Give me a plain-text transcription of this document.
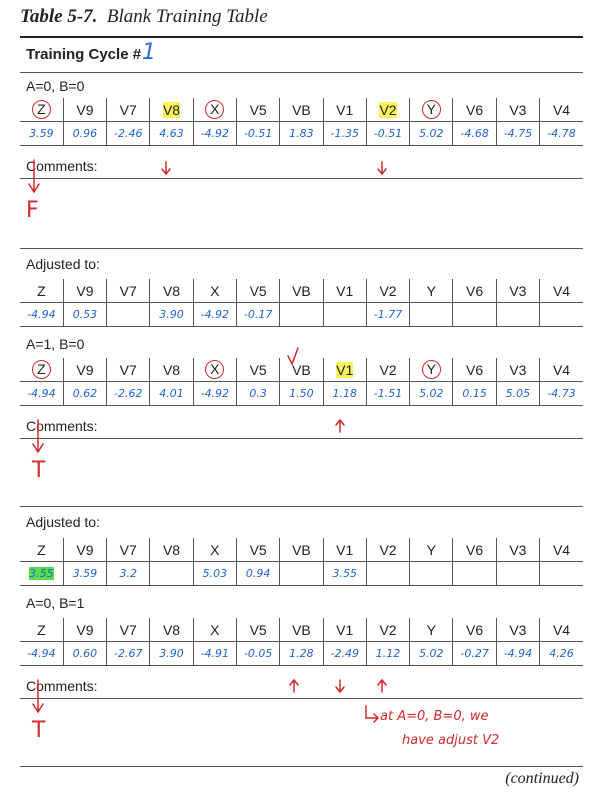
Table 5-7. Blank Training Table
Training Cycle # 1
A=0, B=0
Z	V9	V7	V8	X	V5	VB	V1	V2	Y	V6	V3	V4
3.59	0.96	-2.46	4.63	-4.92	-0.51	1.83	-1.35	-0.51	5.02	-4.68	-4.75	-4.78
Comments:
F
Adjusted to:
Z	V9	V7	V8	X	V5	VB	V1	V2	Y	V6	V3	V4
-4.94	0.53		3.90	-4.92	-0.17			-1.77				
A=1, B=0
Z	V9	V7	V8	X	V5	VB	V1	V2	Y	V6	V3	V4
-4.94	0.62	-2.62	4.01	-4.92	0.3	1.50	1.18	-1.51	5.02	0.15	5.05	-4.73
Comments:
T
Adjusted to:
Z	V9	V7	V8	X	V5	VB	V1	V2	Y	V6	V3	V4
3.55	3.59	3.2		5.03	0.94		3.55					
A=0, B=1
Z	V9	V7	V8	X	V5	VB	V1	V2	Y	V6	V3	V4
-4.94	0.60	-2.67	3.90	-4.91	-0.05	1.28	-2.49	1.12	5.02	-0.27	-4.94	4.26
Comments:
T
at A=0, B=0, we
have adjust V2
(continued)
